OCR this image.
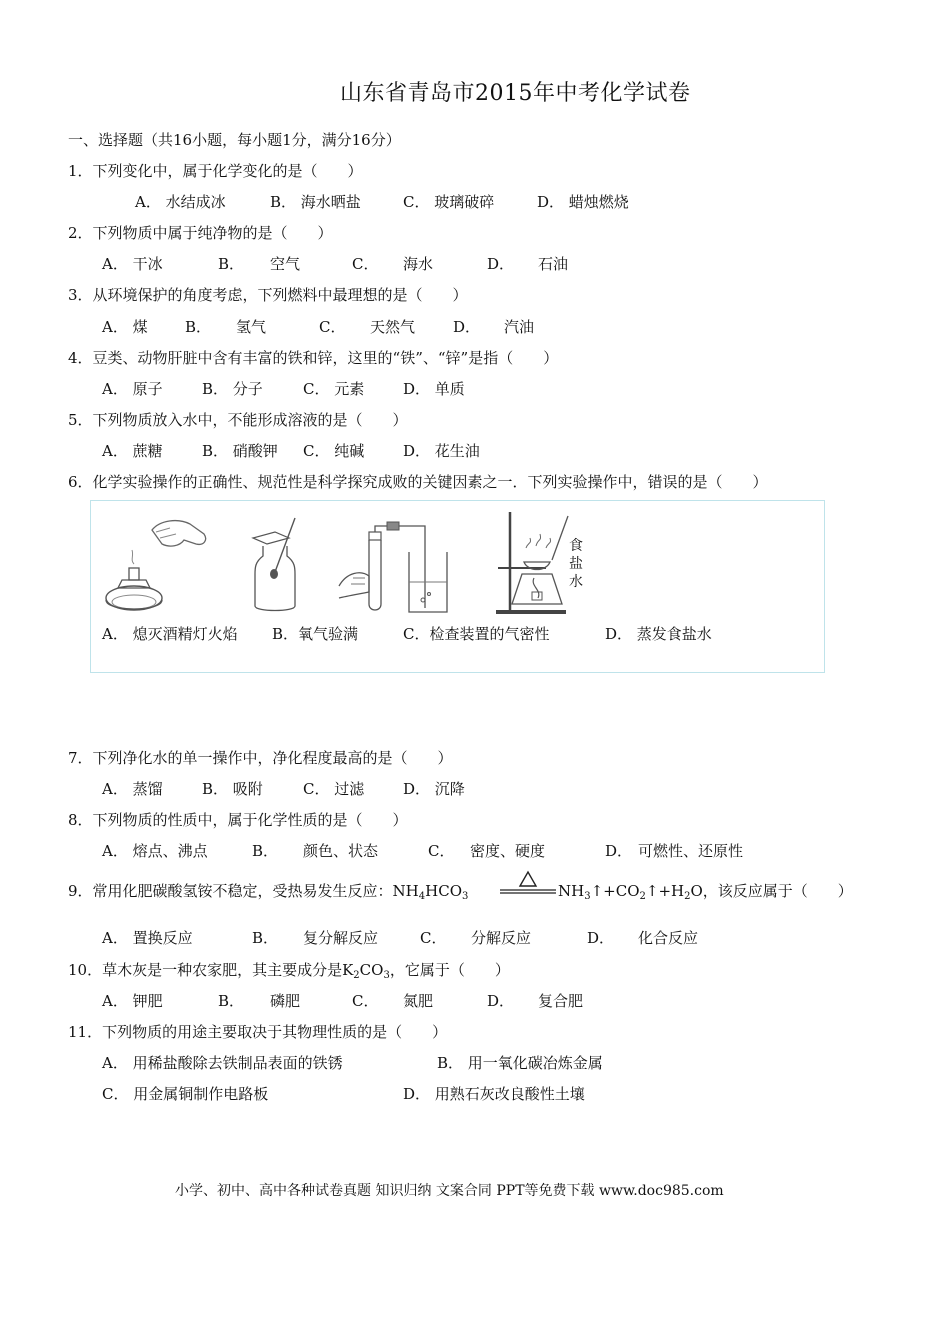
山东省青岛市2015年中考化学试卷
一、选择题（共16小题，每小题1分，满分16分）
1．下列变化中，属于化学变化的是（　　）
A． 水结成冰	B． 海水晒盐	C． 玻璃破碎	D． 蜡烛燃烧
2．下列物质中属于纯净物的是（　　）
A． 干冰	B． 空气	C． 海水	D． 石油
3．从环境保护的角度考虑，下列燃料中最理想的是（　　）
A． 煤 B． 氢气	C． 天然气	D． 汽油
4．豆类、动物肝脏中含有丰富的铁和锌，这里的“铁”、“锌”是指（　　）
A． 原子	B． 分子	C． 元素	D． 单质
5．下列物质放入水中，不能形成溶液的是（　　）
A． 蔗糖	B． 硝酸钾 C． 纯碱	D． 花生油
6．化学实验操作的正确性、规范性是科学探究成败的关键因素之一．下列实验操作中，错误的是（　　）
食
盐
水
A． 熄灭酒精灯火焰 B．氧气验满	C．检查装置的气密性	D． 蒸发食盐水
7．下列净化水的单一操作中，净化程度最高的是（　　）
A． 蒸馏	B． 吸附	C． 过滤	D． 沉降
8．下列物质的性质中，属于化学性质的是（　　）
A． 熔点、沸点	B． 颜色、状态	C． 密度、硬度	D． 可燃性、还原性
9．常用化肥碳酸氢铵不稳定，受热易发生反应：$NH_4HCO_3$	$NH_3↑+CO_2↑+H_2O$，该反应属于（　　）
A． 置换反应	B． 复分解反应	C． 分解反应	D． 化合反应
10．草木灰是一种农家肥，其主要成分是$K_2CO_3$，它属于（　　）
A． 钾肥	B． 磷肥	C． 氮肥	D． 复合肥
11．下列物质的用途主要取决于其物理性质的是（　　）
A． 用稀盐酸除去铁制品表面的铁锈	B． 用一氧化碳冶炼金属
C． 用金属铜制作电路板	D． 用熟石灰改良酸性土壤
小学、初中、高中各种试卷真题 知识归纳 文案合同 PPT等免费下载 www.doc985.com
